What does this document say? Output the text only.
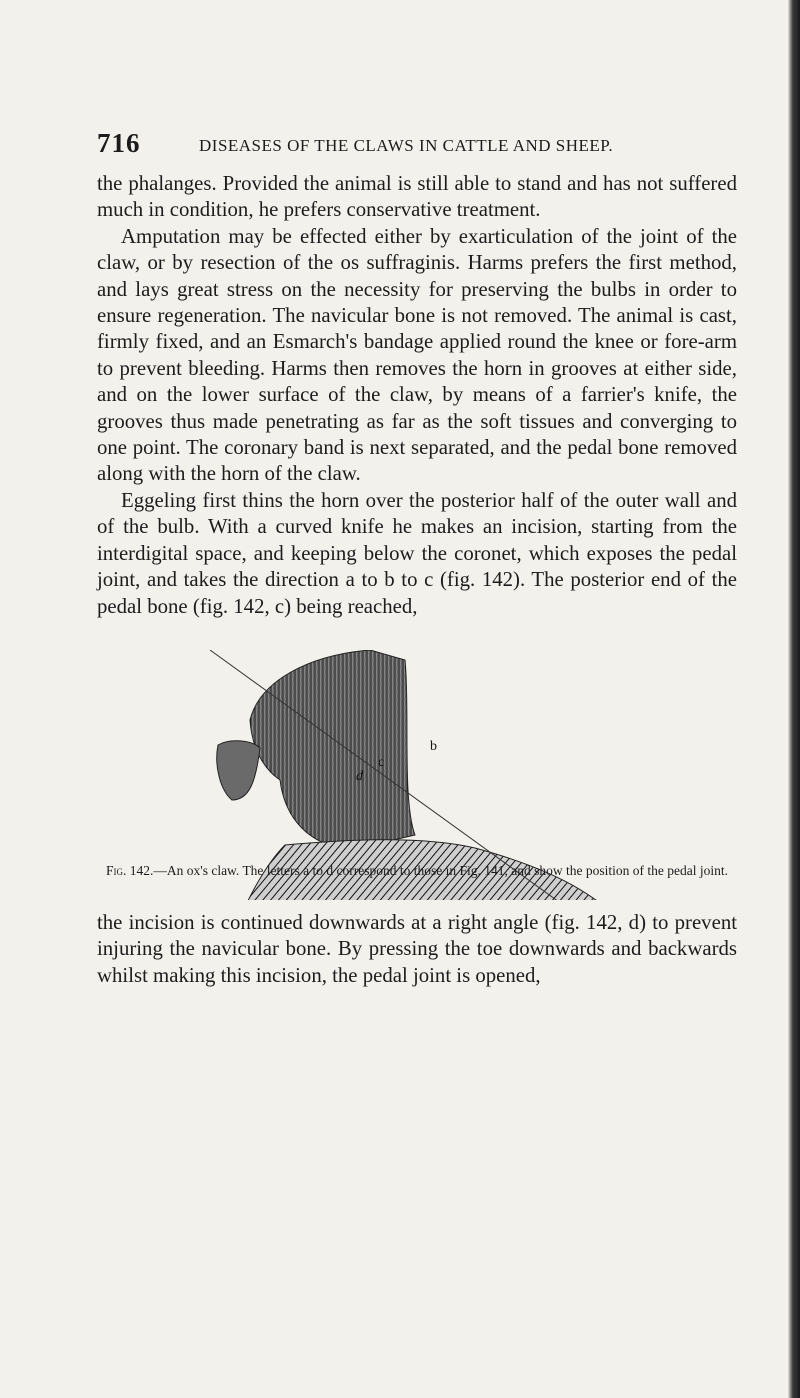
716	DISEASES OF THE CLAWS IN CATTLE AND SHEEP.

the phalanges. Provided the animal is still able to stand and has not suffered much in condition, he prefers conservative treatment.

Amputation may be effected either by exarticulation of the joint of the claw, or by resection of the os suffraginis. Harms prefers the first method, and lays great stress on the necessity for preserving the bulbs in order to ensure regeneration. The navicular bone is not removed. The animal is cast, firmly fixed, and an Esmarch's bandage applied round the knee or fore-arm to prevent bleeding. Harms then removes the horn in grooves at either side, and on the lower surface of the claw, by means of a farrier's knife, the grooves thus made penetrating as far as the soft tissues and converging to one point. The coronary band is next separated, and the pedal bone removed along with the horn of the claw.

Eggeling first thins the horn over the posterior half of the outer wall and of the bulb. With a curved knife he makes an incision, starting from the interdigital space, and keeping below the coronet, which exposes the pedal joint, and takes the direction a to b to c (fig. 142). The posterior end of the pedal bone (fig. 142, c) being reached,

b
c
d
Fig. 142.—An ox's claw. The letters a to d correspond to those in Fig. 141, and show the position of the pedal joint.

the incision is continued downwards at a right angle (fig. 142, d) to prevent injuring the navicular bone. By pressing the toe downwards and backwards whilst making this incision, the pedal joint is opened,
